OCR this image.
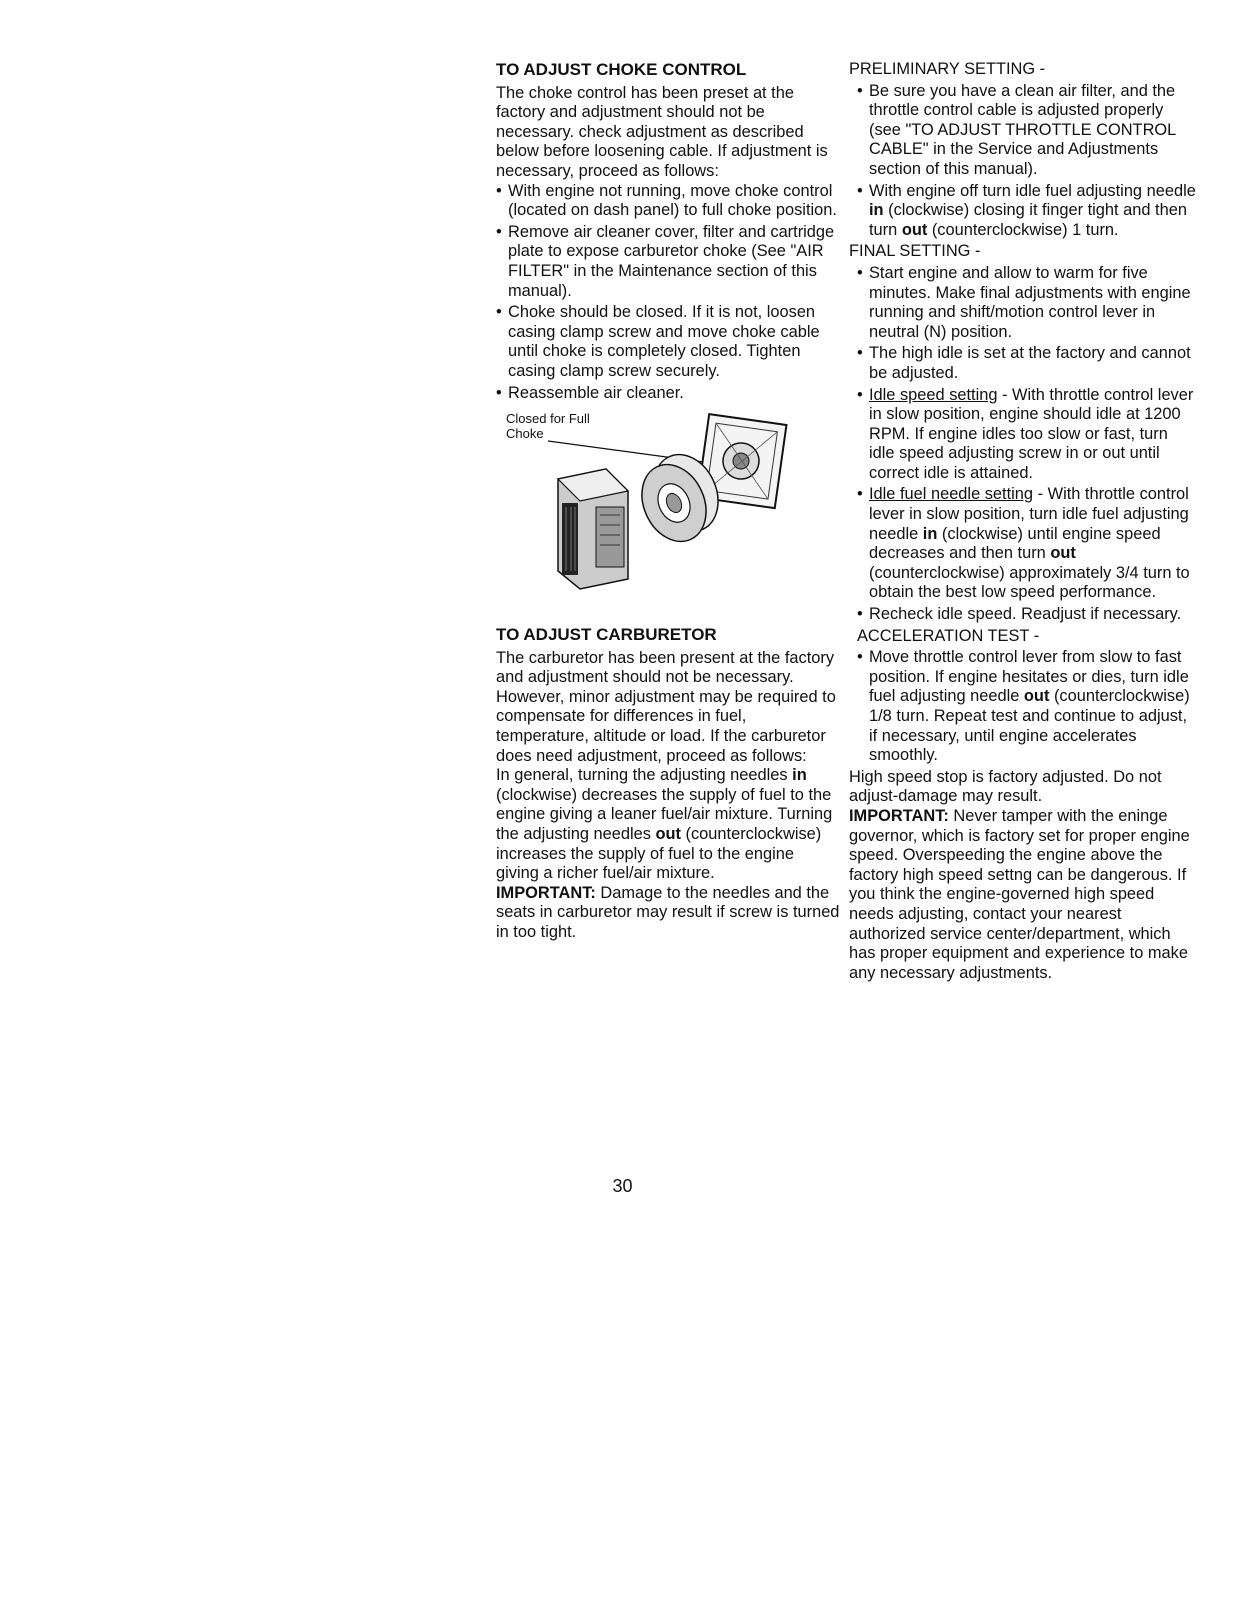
TO ADJUST CHOKE CONTROL

The choke control has been preset at the factory and adjustment should not be necessary. check adjustment as described below before loosening cable. If adjustment is necessary, proceed as follows:

• With engine not running, move choke control (located on dash panel) to full choke position.
• Remove air cleaner cover, filter and cartridge plate to expose carburetor choke (See "AIR FILTER" in the Maintenance section of this manual).
• Choke should be closed. If it is not, loosen casing clamp screw and move choke cable until choke is completely closed. Tighten casing clamp screw securely.
• Reassemble air cleaner.
Closed for Full Choke
TO ADJUST CARBURETOR

The carburetor has been present at the factory and adjustment should not be necessary. However, minor adjustment may be required to compensate for differences in fuel, temperature, altitude or load. If the carburetor does need adjustment, proceed as follows:

In general, turning the adjusting needles in (clockwise) decreases the supply of fuel to the engine giving a leaner fuel/air mixture. Turning the adjusting needles out (counterclockwise) increases the supply of fuel to the engine giving a richer fuel/air mixture.

IMPORTANT: Damage to the needles and the seats in carburetor may result if screw is turned in too tight.

PRELIMINARY SETTING -

• Be sure you have a clean air filter, and the throttle control cable is adjusted properly (see "TO ADJUST THROTTLE CONTROL CABLE" in the Service and Adjustments section of this manual).
• With engine off turn idle fuel adjusting needle in (clockwise) closing it finger tight and then turn out (counterclockwise) 1 turn.

FINAL SETTING -

• Start engine and allow to warm for five minutes. Make final adjustments with engine running and shift/motion control lever in neutral (N) position.
• The high idle is set at the factory and cannot be adjusted.
• Idle speed setting - With throttle control lever in slow position, engine should idle at 1200 RPM. If engine idles too slow or fast, turn idle speed adjusting screw in or out until correct idle is attained.
• Idle fuel needle setting - With throttle control lever in slow position, turn idle fuel adjusting needle in (clockwise) until engine speed decreases and then turn out (counterclockwise) approximately 3/4 turn to obtain the best low speed performance.
• Recheck idle speed. Readjust if necessary.

ACCELERATION TEST -

• Move throttle control lever from slow to fast position. If engine hesitates or dies, turn idle fuel adjusting needle out (counterclockwise) 1/8 turn. Repeat test and continue to adjust, if necessary, until engine accelerates smoothly.

High speed stop is factory adjusted. Do not adjust-damage may result.

IMPORTANT: Never tamper with the eninge governor, which is factory set for proper engine speed. Overspeeding the engine above the factory high speed settng can be dangerous. If you think the engine-governed high speed needs adjusting, contact your nearest authorized service center/department, which has proper equipment and experience to make any necessary adjustments.

30
